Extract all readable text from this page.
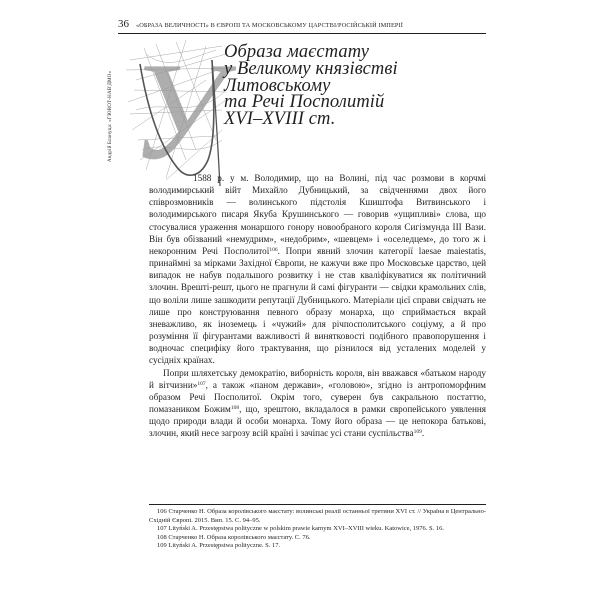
36 «ОБРАЗА ВЕЛИЧНОСТІ» В ЄВРОПІ ТА МОСКОВСЬКОМУ ЦАРСТВІ/РОСІЙСЬКІЙ ІМПЕРІЇ
Андрій Блануца: «Ґ'ЮВОТ-НАВ'ДМО» У Образа маєстату
у Великому князівстві
Литовському
та Речі Посполитій
XVI–XVIII ст.

1588 р. у м. Володимир, що на Волині, під час розмови в корчмі володимирський війт Михайло Дубницький, за свідченнями двох його співрозмовників — волинського підстолія Кшиштофа Витвинського і володимирського писаря Якуба Крушинського — говорив «ущипливі» слова, що стосувалися ураження монаршого гонору новообраного короля Сигізмунда III Вази. Він був обізваний «немудрим», «недобрим», «шевцем» і «оселедцем», до того ж і некоронним Речі Посполитої$^{106}$. Попри явний злочин категорії laesae maiestatis, принаймні за мірками Західної Європи, не кажучи вже про Московське царство, цей випадок не набув подальшого розвитку і не став кваліфікуватися як політичний злочин. Врешті-решт, цього не прагнули й самі фігуранти — свідки крамольних слів, що воліли лише зашкодити репутації Дубницького. Матеріали цієї справи свідчать не лише про конструювання певного образу монарха, що сприймається вкрай зневажливо, як іноземець і «чужий» для річпосполитського соціуму, а й про розуміння її фігурантами важливості й винятковості подібного правопорушення і водночас специфіку його трактування, що різнилося від усталених моделей у сусідніх країнах.

Попри шляхетську демократію, виборність короля, він вважався «батьком народу й вітчизни»$^{107}$, а також «паном держави», «головою», згідно із антропоморфним образом Речі Посполитої. Окрім того, суверен був сакральною постаттю, помазаником Божим$^{108}$, що, зрештою, вкладалося в рамки європейського уявлення щодо природи влади й особи монарха. Тому його образа — це непокора батькові, злочин, який несе загрозу всій країні і зачіпає усі стани суспільства$^{109}$.

106 Старченко Н. Образа королівського маєстату: волинські реалії останньої третини XVI ст. // Україна в Центрально-Східній Європі. 2015. Вип. 15. С. 94–95.
107 Lityński A. Przestępstwa polityczne w polskim prawie karnym XVI–XVIII wieku. Katowice, 1976. S. 16.
108 Старченко Н. Образа королівського маєстату. С. 76.
109 Lityński A. Przestępstwa polityczne. S. 17.
